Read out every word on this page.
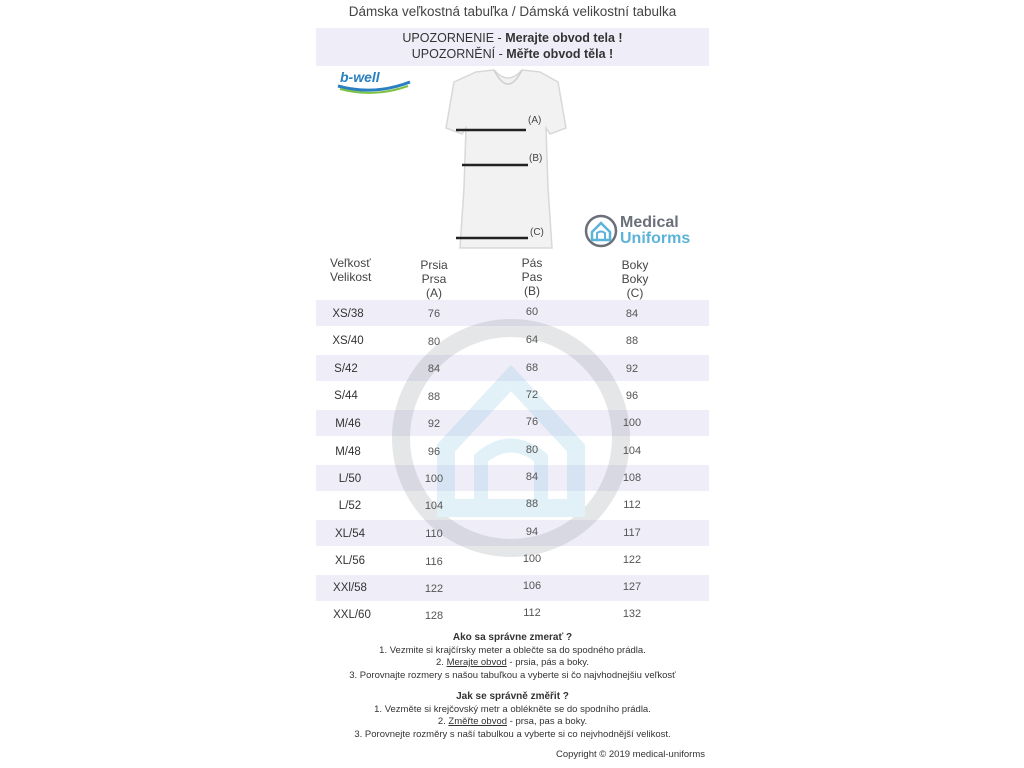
Dámska veľkostná tabuľka / Dámská velikostní tabulka
UPOZORNENIE - Merajte obvod tela !
UPOZORNĚNÍ - Měřte obvod těla !
b-well
(A)
(B)
(C)
Medical
Uniforms
Veľkosť
Velikost
Prsia
Prsa
(A)
Pás
Pas
(B)
Boky
Boky
(C)
XS/38	76	60	84
XS/40	80	64	88
S/42	84	68	92
S/44	88	72	96
M/46	92	76	100
M/48	96	80	104
L/50	100	84	108
L/52	104	88	112
XL/54	110	94	117
XL/56	116	100	122
XXl/58	122	106	127
XXL/60	128	112	132
Ako sa správne zmerať ?
1. Vezmite si krajčírsky meter a oblečte sa do spodného prádla.
2. Merajte obvod - prsia, pás a boky.
3. Porovnajte rozmery s našou tabuľkou a vyberte si čo najvhodnejšiu veľkosť
Jak se správně změřit ?
1. Vezměte si krejčovský metr a oblékněte se do spodního prádla.
2. Změřte obvod - prsa, pas a boky.
3. Porovnejte rozměry s naší tabulkou a vyberte si co nejvhodnější velikost.
Copyright © 2019 medical-uniforms
